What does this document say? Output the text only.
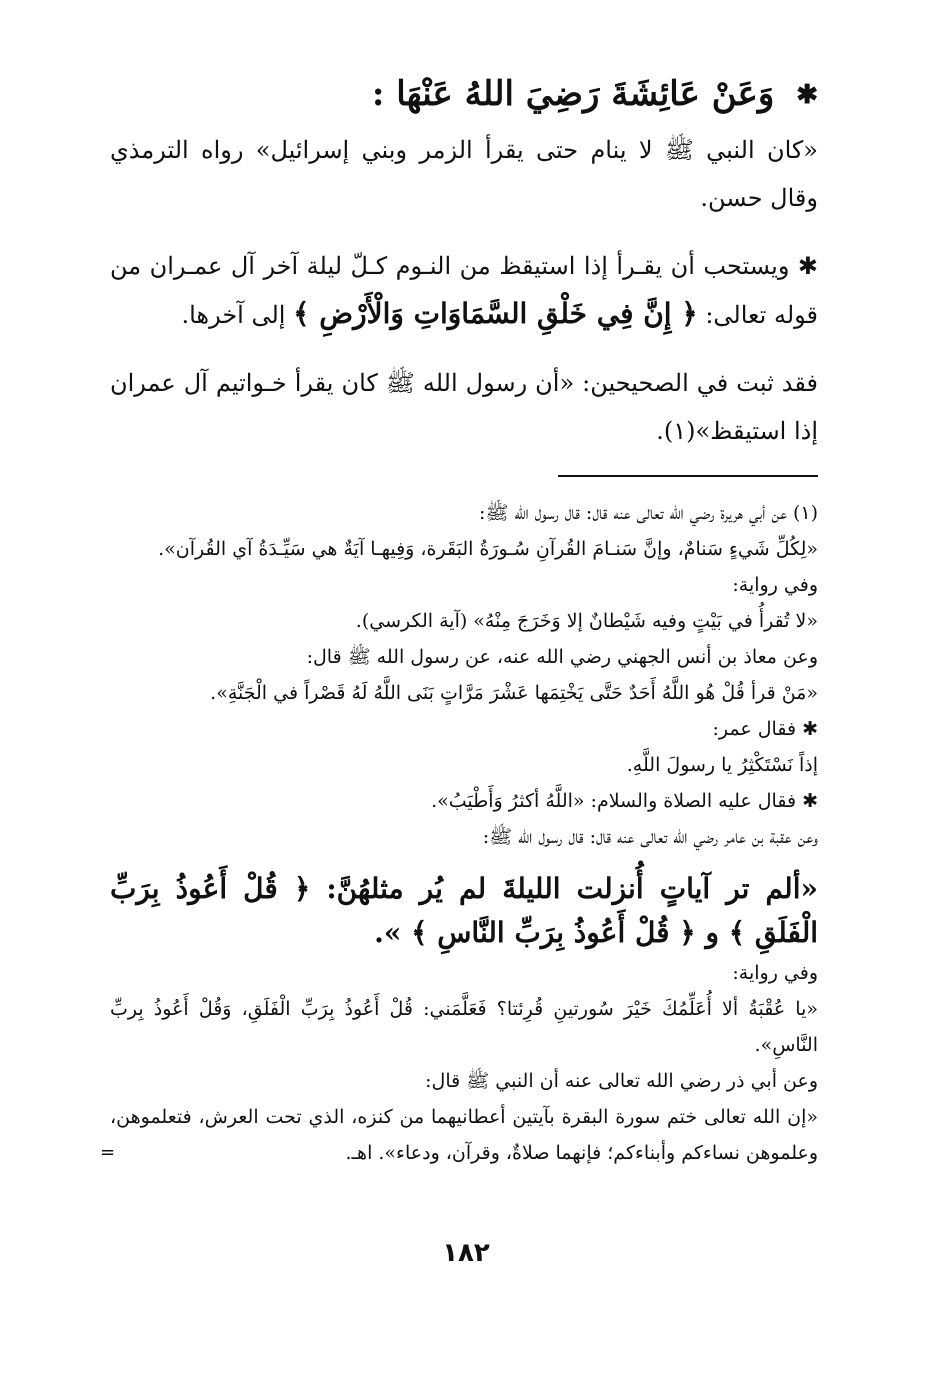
✱ وَعَنْ عَائِشَةَ رَضِيَ اللهُ عَنْهَا :

«كان النبي ﷺ لا ينام حتى يقرأ الزمر وبني إسرائيل» رواه الترمذي وقال حسن.

✱ ويستحب أن يقـرأ إذا استيقظ من النـوم كـلّ ليلة آخر آل عمـران من قوله تعالى: ﴿ إِنَّ فِي خَلْقِ السَّمَاوَاتِ وَالْأَرْضِ ﴾ إلى آخرها.

فقد ثبت في الصحيحين: «أن رسول الله ﷺ كان يقرأ خـواتيم آل عمران إذا استيقظ»(١).

(١) عن أبي هريرة رضي الله تعالى عنه قال: قال رسول الله ﷺ:

«لِكُلِّ شَيءٍ سَنامٌ، وإنَّ سَنـامَ القُرآنِ سُـورَةُ البَقَرة، وَفِيهـا آيَةٌ هي سَيِّـدَةُ آي القُرآن».

وفي رواية:

«لا تُقرأُ في بَيْتٍ وفيه شَيْطانٌ إلا وَخَرَجَ مِنْهُ» (آية الكرسي).

وعن معاذ بن أنس الجهني رضي الله عنه، عن رسول الله ﷺ قال:

«مَنْ قرأ قُلْ هُو اللَّهُ أَحَدٌ حَتَّى يَخْتِمَها عَشْرَ مَرَّاتٍ بَنَى اللَّهُ لَهُ قَصْراً في الْجَنَّةِ».

✱ فقال عمر:

إذاً نَسْتَكْثِرُ يا رسولَ اللَّهِ.

✱ فقال عليه الصلاة والسلام: «اللَّهُ أكثرُ وَأَطْيَبُ».

وعن عقبة بن عامر رضي الله تعالى عنه قال: قال رسول الله ﷺ:

«ألم تر آياتٍ أُنزلت الليلةَ لم يُر مثلهُنَّ: ﴿ قُلْ أَعُوذُ بِرَبِّ الْفَلَقِ ﴾ و ﴿ قُلْ أَعُوذُ بِرَبِّ النَّاسِ ﴾ ».

وفي رواية:

«يا عُقْبَةُ ألا أُعَلِّمُكَ خَيْرَ سُورتينِ قُرِئتا؟ فَعَلَّمَني: قُلْ أَعُوذُ بِرَبِّ الْفَلَقِ، وَقُلْ أَعُوذُ بِربِّ النَّاسِ».

وعن أبي ذر رضي الله تعالى عنه أن النبي ﷺ قال:

«إن الله تعالى ختم سورة البقرة بآيتين أعطانيهما من كنزه، الذي تحت العرش، فتعلموهن، وعلموهن نساءكم وأبناءكم؛ فإنهما صلاةٌ، وقرآن، ودعاء». اهـ.
=

١٨٢
